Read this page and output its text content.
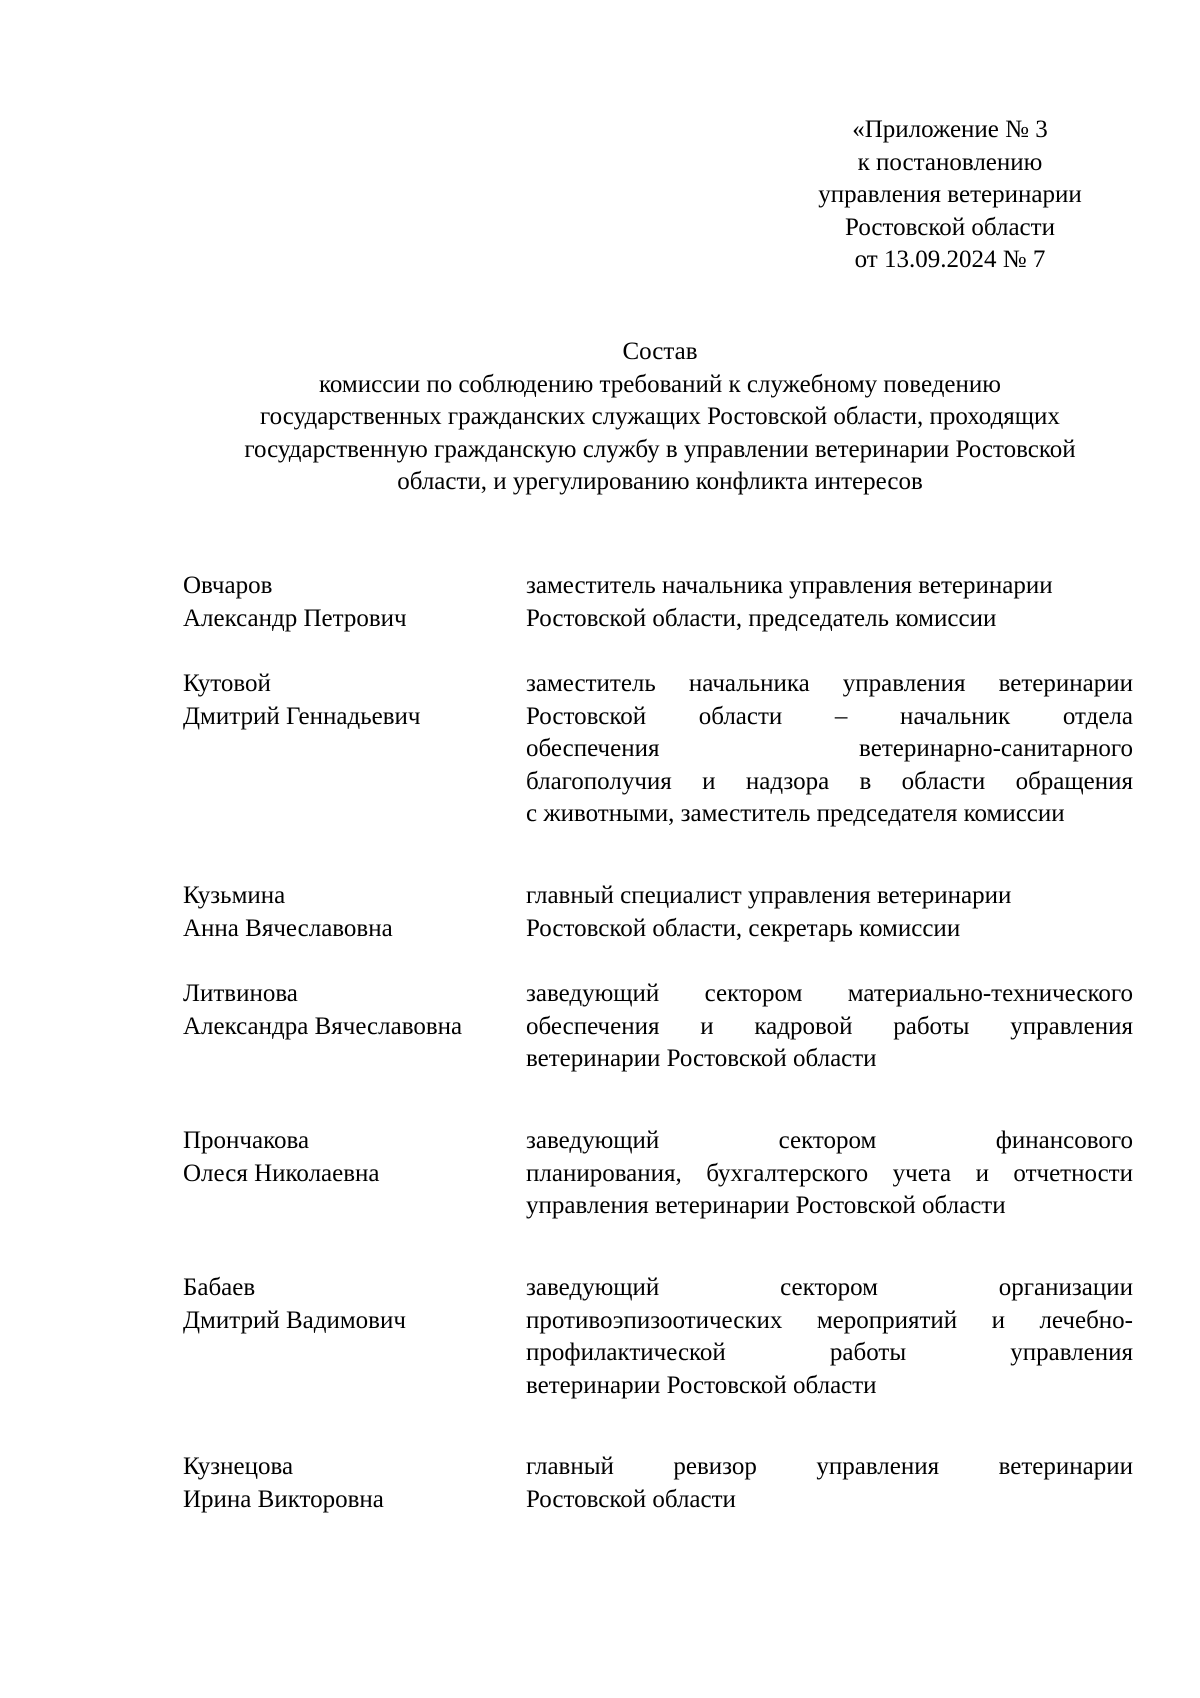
«Приложение № 3
к постановлению
управления ветеринарии
Ростовской области
от 13.09.2024 № 7
Состав
комиссии по соблюдению требований к служебному поведению
государственных гражданских служащих Ростовской области, проходящих
государственную гражданскую службу в управлении ветеринарии Ростовской
области, и урегулированию конфликта интересов
Овчаров
Александр Петрович
заместитель начальника управления ветеринарии
Ростовской области, председатель комиссии
Кутовой
Дмитрий Геннадьевич
заместитель начальника управления ветеринарии
Ростовской области – начальник отдела
обеспечения ветеринарно-санитарного
благополучия и надзора в области обращения
с животными, заместитель председателя комиссии
Кузьмина
Анна Вячеславовна
главный специалист управления ветеринарии
Ростовской области, секретарь комиссии
Литвинова
Александра Вячеславовна
заведующий сектором материально-технического
обеспечения и кадровой работы управления
ветеринарии Ростовской области
Прончакова
Олеся Николаевна
заведующий сектором финансового
планирования, бухгалтерского учета и отчетности
управления ветеринарии Ростовской области
Бабаев
Дмитрий Вадимович
заведующий сектором организации
противоэпизоотических мероприятий и лечебно-
профилактической работы управления
ветеринарии Ростовской области
Кузнецова
Ирина Викторовна
главный ревизор управления ветеринарии
Ростовской области
